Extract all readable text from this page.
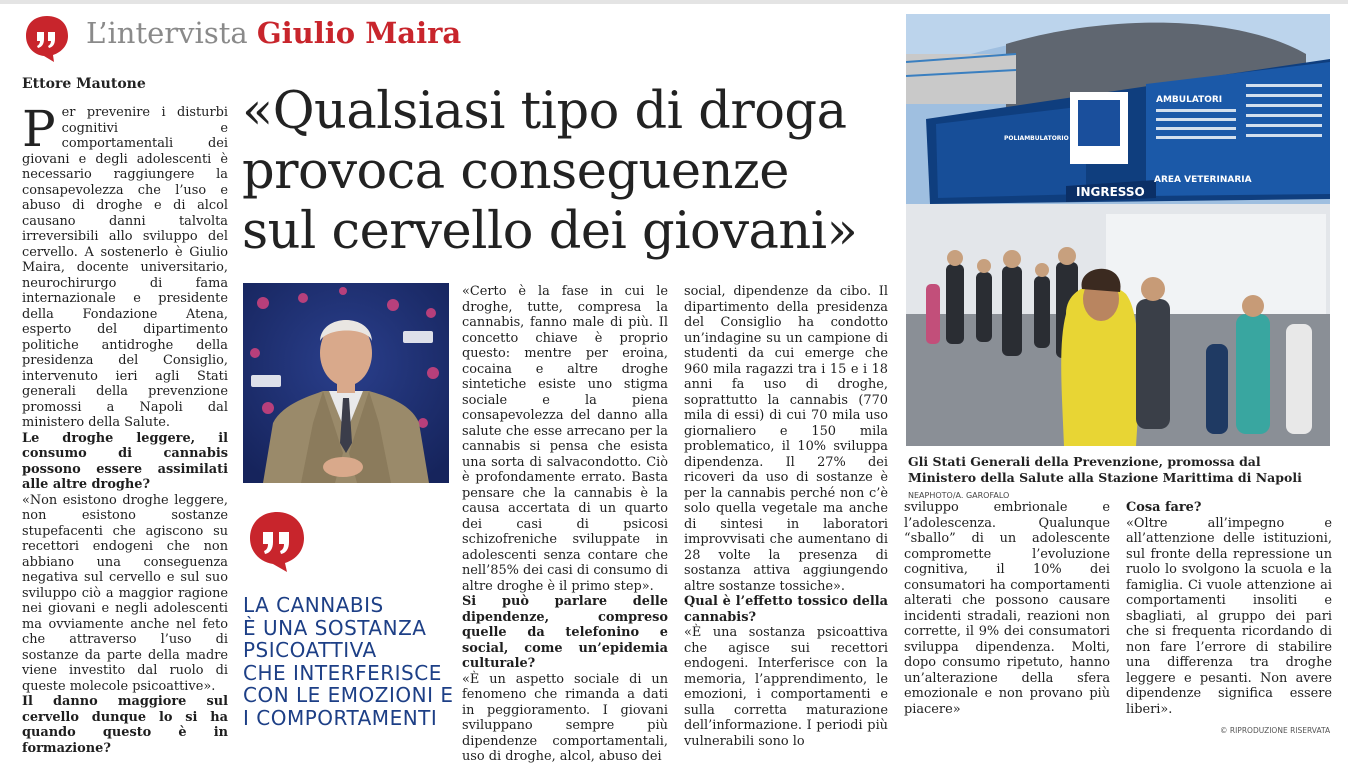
L’intervista Giulio Maira
Ettore Mautone «Qualsiasi tipo di droga provoca conseguenze sul cervello dei giovani»

Per prevenire i disturbi cognitivi e comportamentali dei giovani e degli adolescenti è necessario raggiungere la consapevolezza che l’uso e abuso di droghe e di alcol causano danni talvolta irreversibili allo sviluppo del cervello. A sostenerlo è Giulio Maira, docente universitario, neurochirurgo di fama internazionale e presidente della Fondazione Atena, esperto del dipartimento politiche antidroghe della presidenza del Consiglio, intervenuto ieri agli Stati generali della prevenzione promossi a Napoli dal ministero della Salute.

Le droghe leggere, il consumo di cannabis possono essere assimilati alle altre droghe?

«Non esistono droghe leggere, non esistono sostanze stupefacenti che agiscono su recettori endogeni che non abbiano una conseguenza negativa sul cervello e sul suo sviluppo ciò a maggior ragione nei giovani e negli adolescenti ma ovviamente anche nel feto che attraverso l’uso di sostanze da parte della madre viene investito dal ruolo di queste molecole psicoattive».

Il danno maggiore sul cervello dunque lo si ha quando questo è in formazione?

LA CANNABIS
È UNA SOSTANZA
PSICOATTIVA
CHE INTERFERISCE
CON LE EMOZIONI E
I COMPORTAMENTI

«Certo è la fase in cui le droghe, tutte, compresa la cannabis, fanno male di più. Il concetto chiave è proprio questo: mentre per eroina, cocaina e altre droghe sintetiche esiste uno stigma sociale e la piena consapevolezza del danno alla salute che esse arrecano per la cannabis si pensa che esista una sorta di salvacondotto. Ciò è profondamente errato. Basta pensare che la cannabis è la causa accertata di un quarto dei casi di psicosi schizofreniche sviluppate in adolescenti senza contare che nell’85% dei casi di consumo di altre droghe è il primo step».

Si può parlare delle dipendenze, compreso quelle da telefonino e social, come un’epidemia culturale?

«È un aspetto sociale di un fenomeno che rimanda a dati in peggioramento. I giovani sviluppano sempre più dipendenze comportamentali, uso di droghe, alcol, abuso dei

social, dipendenze da cibo. Il dipartimento della presidenza del Consiglio ha condotto un’indagine su un campione di studenti da cui emerge che 960 mila ragazzi tra i 15 e i 18 anni fa uso di droghe, soprattutto la cannabis (770 mila di essi) di cui 70 mila uso giornaliero e 150 mila problematico, il 10% sviluppa dipendenza. Il 27% dei ricoveri da uso di sostanze è per la cannabis perché non c’è solo quella vegetale ma anche di sintesi in laboratori improvvisati che aumentano di 28 volte la presenza di sostanza attiva aggiungendo altre sostanze tossiche».

Qual è l’effetto tossico della cannabis?

«È una sostanza psicoattiva che agisce sui recettori endogeni. Interferisce con la memoria, l’apprendimento, le emozioni, i comportamenti e sulla corretta maturazione dell’informazione. I periodi più vulnerabili sono lo

INGRESSO
AMBULATORI
AREA VETERINARIA
POLIAMBULATORIO
Gli Stati Generali della Prevenzione, promossa dal Ministero della Salute alla Stazione Marittima di Napoli NEAPHOTO/A. GAROFALO

sviluppo embrionale e l’adolescenza. Qualunque “sballo” di un adolescente compromette l’evoluzione cognitiva, il 10% dei consumatori ha comportamenti alterati che possono causare incidenti stradali, reazioni non corrette, il 9% dei consumatori sviluppa dipendenza. Molti, dopo consumo ripetuto, hanno un’alterazione della sfera emozionale e non provano più piacere»

Cosa fare?

«Oltre all’impegno e all’attenzione delle istituzioni, sul fronte della repressione un ruolo lo svolgono la scuola e la famiglia. Ci vuole attenzione ai comportamenti insoliti e sbagliati, al gruppo dei pari che si frequenta ricordando di non fare l’errore di stabilire una differenza tra droghe leggere e pesanti. Non avere dipendenze significa essere liberi».

© RIPRODUZIONE RISERVATA
